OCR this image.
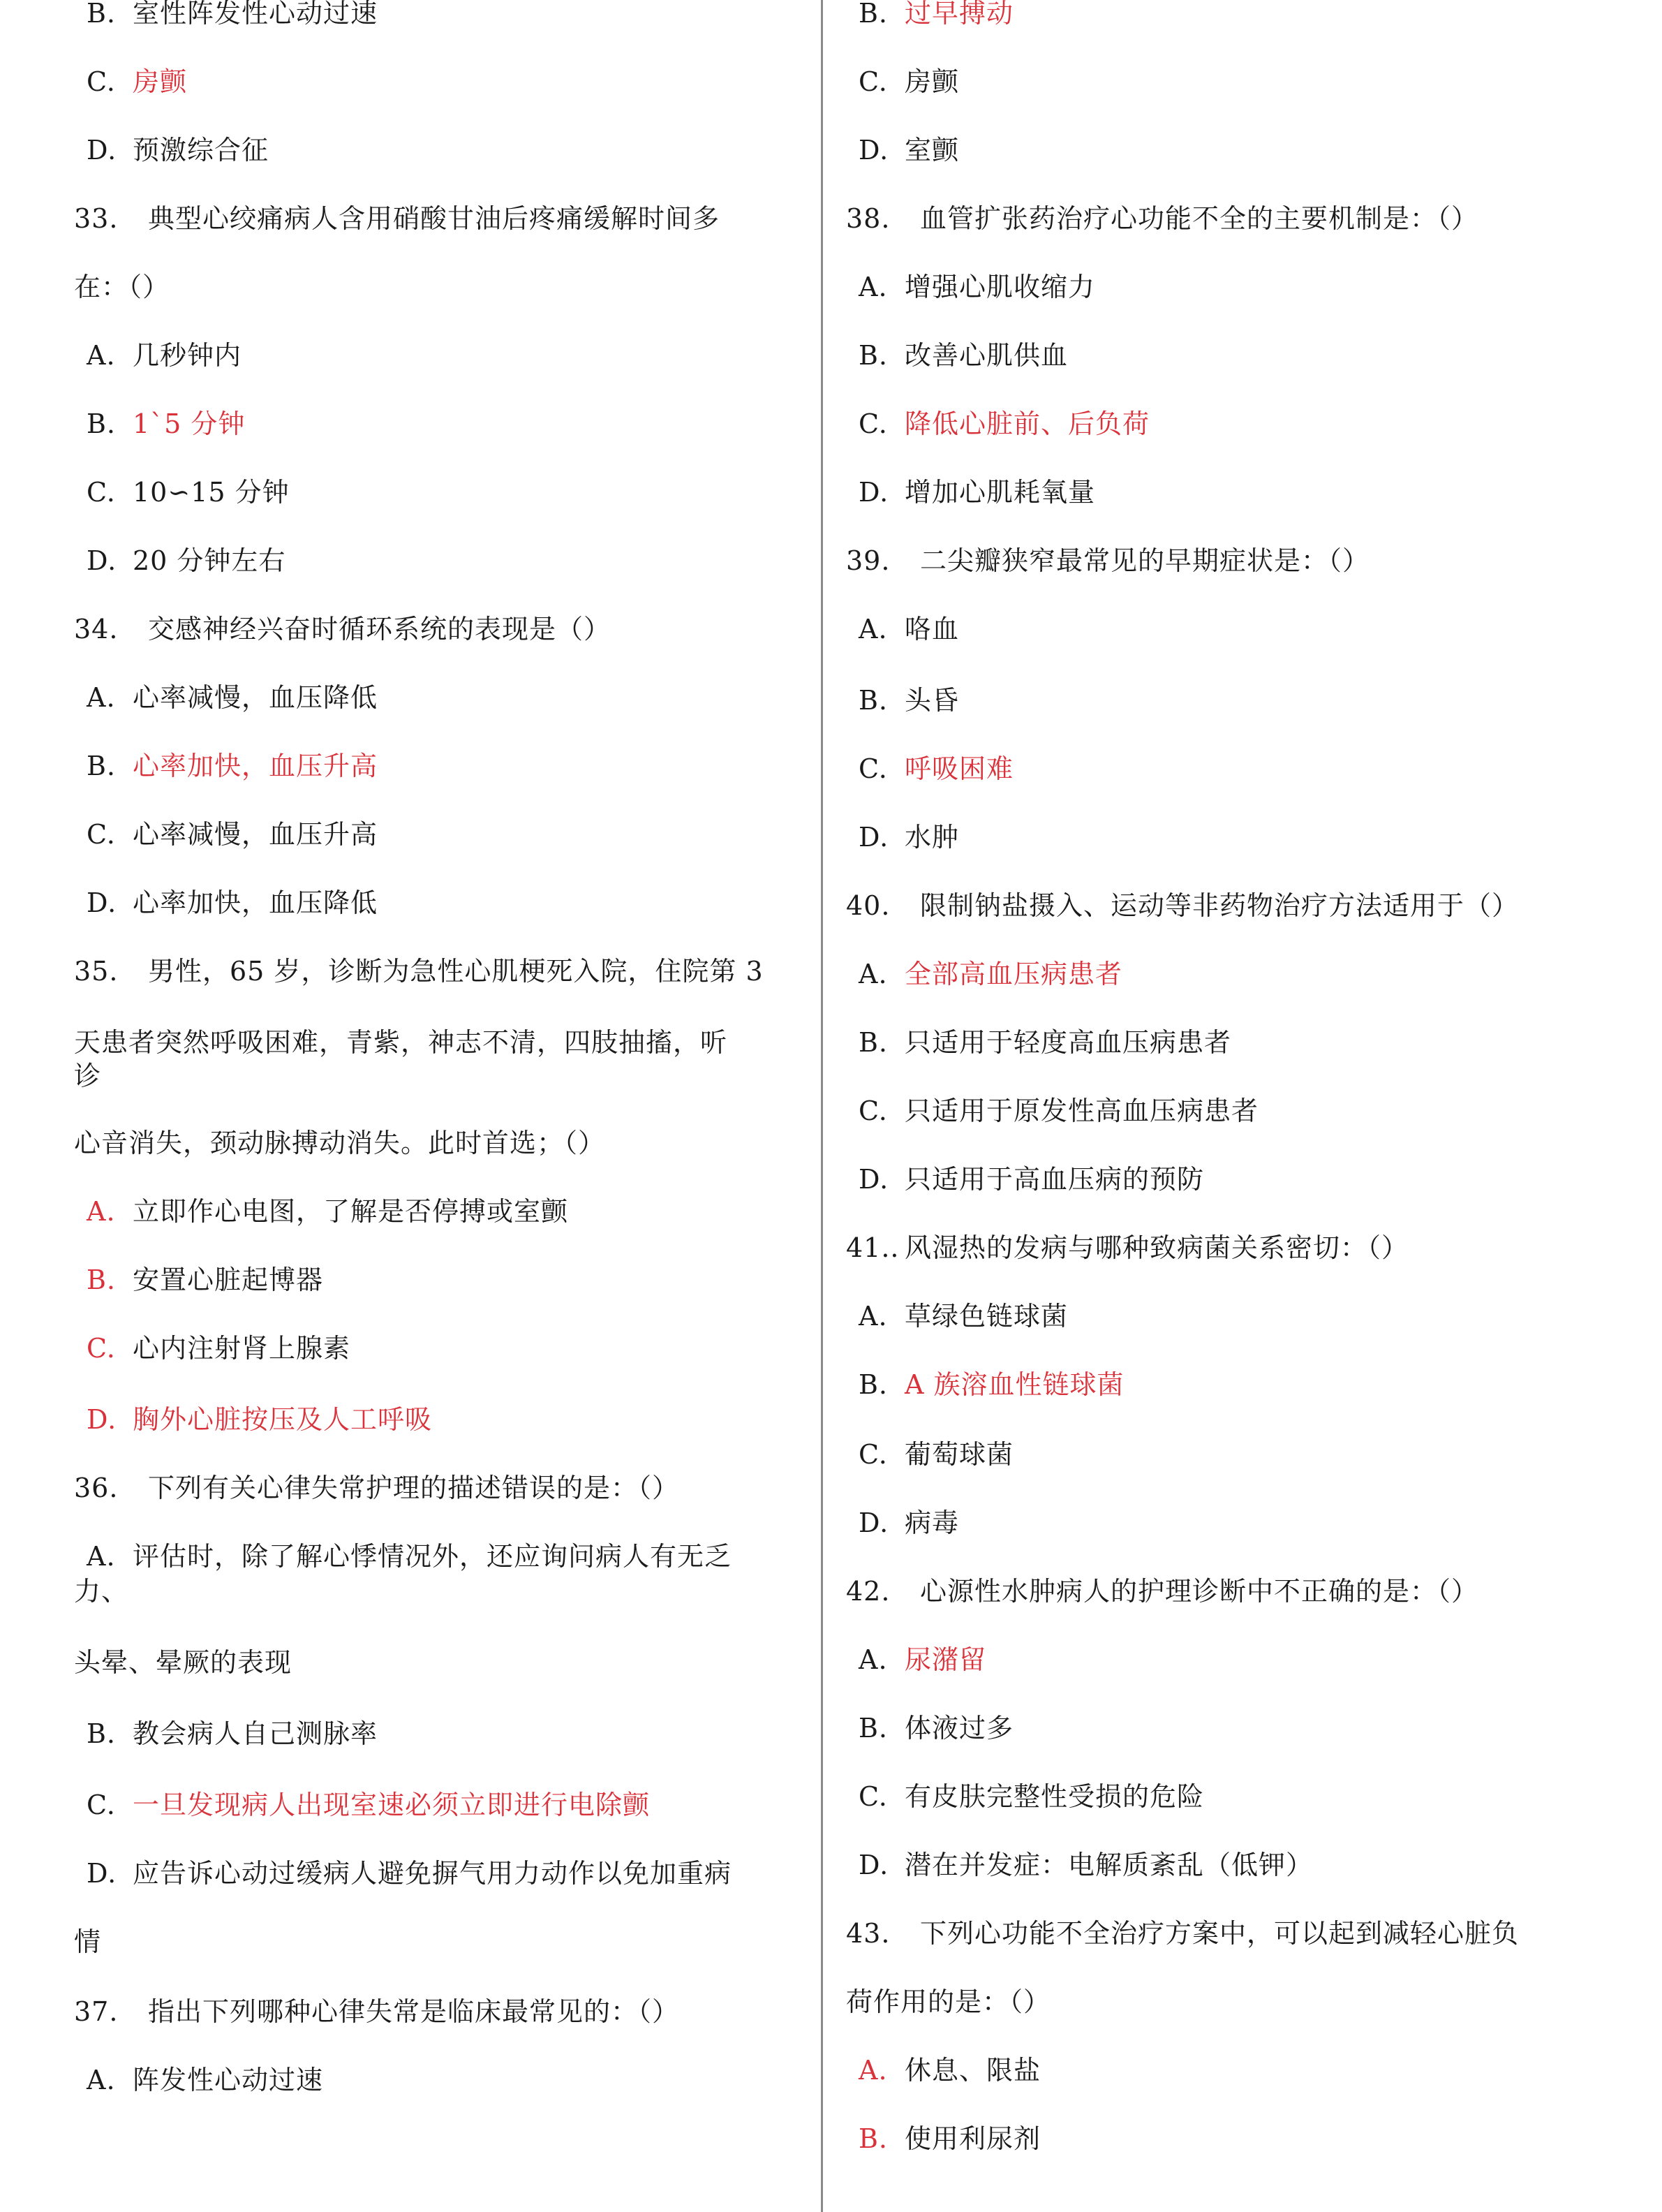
B. 室性阵发性心动过速
C. 房颤
D. 预激综合征
33. 典型心绞痛病人含用硝酸甘油后疼痛缓解时间多
在：（）
A. 几秒钟内
B. 1`5 分钟
C. 10∽15 分钟
D. 20 分钟左右
34. 交感神经兴奋时循环系统的表现是（）
A. 心率减慢，血压降低
B. 心率加快，血压升高
C. 心率减慢，血压升高
D. 心率加快，血压降低
35. 男性，65 岁，诊断为急性心肌梗死入院，住院第 3
天患者突然呼吸困难，青紫，神志不清，四肢抽搐，听
诊
心音消失，颈动脉搏动消失。此时首选；（）
A. 立即作心电图，了解是否停搏或室颤
B. 安置心脏起博器
C. 心内注射肾上腺素
D. 胸外心脏按压及人工呼吸
36. 下列有关心律失常护理的描述错误的是：（）
A. 评估时，除了解心悸情况外，还应询问病人有无乏
力、
头晕、晕厥的表现
B. 教会病人自己测脉率
C. 一旦发现病人出现室速必须立即进行电除颤
D. 应告诉心动过缓病人避免摒气用力动作以免加重病
情
37. 指出下列哪种心律失常是临床最常见的：（）
A. 阵发性心动过速
B. 过早搏动
C. 房颤
D. 室颤
38. 血管扩张药治疗心功能不全的主要机制是：（）
A. 增强心肌收缩力
B. 改善心肌供血
C. 降低心脏前、后负荷
D. 增加心肌耗氧量
39. 二尖瓣狭窄最常见的早期症状是：（）
A. 咯血
B. 头昏
C. 呼吸困难
D. 水肿
40. 限制钠盐摄入、运动等非药物治疗方法适用于（）
A. 全部高血压病患者
B. 只适用于轻度高血压病患者
C. 只适用于原发性高血压病患者
D. 只适用于高血压病的预防
41.. 风湿热的发病与哪种致病菌关系密切：（）
A. 草绿色链球菌
B. A 族溶血性链球菌
C. 葡萄球菌
D. 病毒
42. 心源性水肿病人的护理诊断中不正确的是：（）
A. 尿潴留
B. 体液过多
C. 有皮肤完整性受损的危险
D. 潜在并发症：电解质紊乱（低钾）
43. 下列心功能不全治疗方案中，可以起到减轻心脏负
荷作用的是：（）
A. 休息、限盐
B. 使用利尿剂
